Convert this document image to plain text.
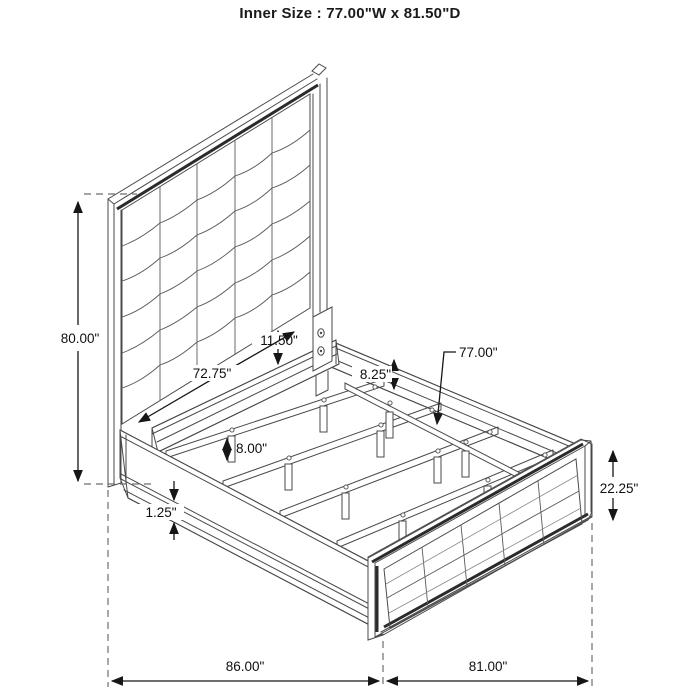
Inner Size : 77.00"W x 81.50"D
80.00"	11.50"
72.75"	8.25"
77.00"
8.00"
1.25"
22.25"
86.00"	81.00"
